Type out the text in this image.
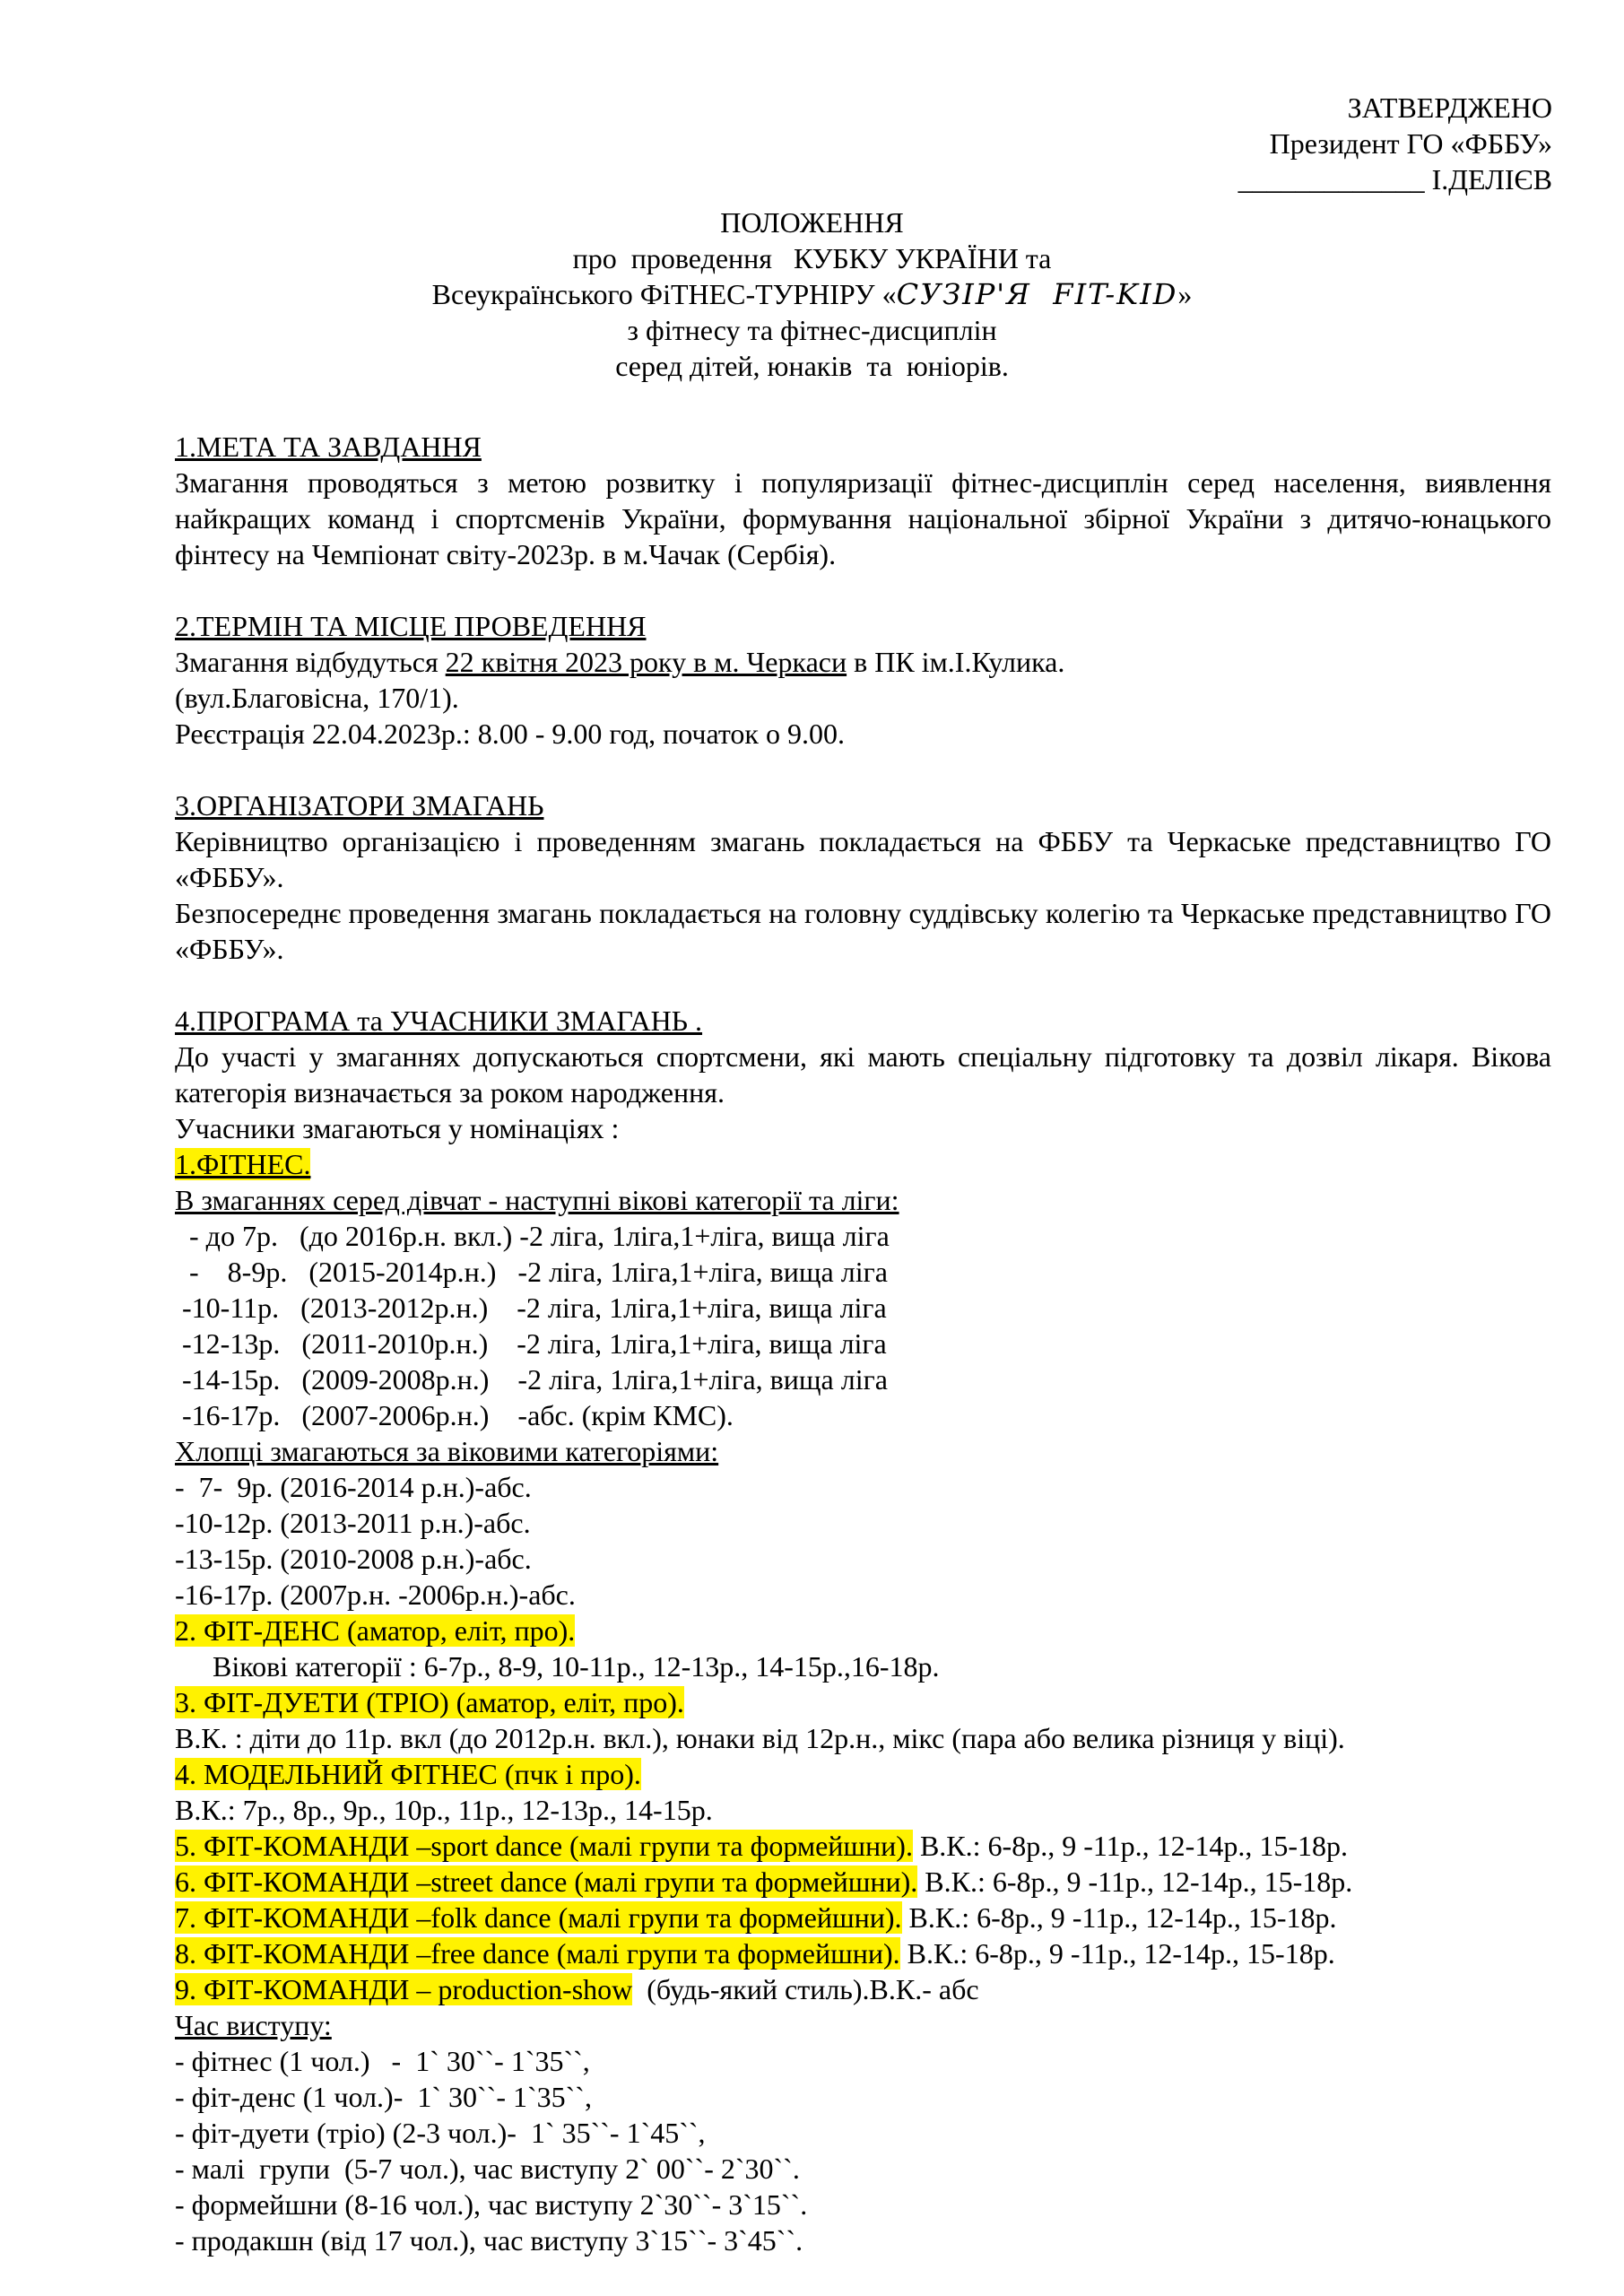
ЗАТВЕРДЖЕНО
Президент ГО «ФББУ»
_____________ І.ДЕЛІЄВ
ПОЛОЖЕННЯ
про  проведення   КУБКУ УКРАЇНИ та
Всеукраїнського ФіТНЕС-ТУРНІРУ «СУЗІР'Я  FIT-KID»
з фітнесу та фітнес-дисциплін
серед дітей, юнаків  та  юніорів.

1.МЕТА ТА ЗАВДАННЯ

Змагання проводяться з метою розвитку і популяризації фітнес-дисциплін серед населення, виявлення найкращих команд і спортсменів України, формування національної збірної України з дитячо-юнацького фінтесу на Чемпіонат світу-2023р. в м.Чачак (Сербія).

2.ТЕРМІН ТА МІСЦЕ ПРОВЕДЕННЯ

Змагання відбудуться 22 квітня 2023 року в м. Черкаси в ПК ім.І.Кулика.

(вул.Благовісна, 170/1).

Реєстрація 22.04.2023р.: 8.00 - 9.00 год, початок о 9.00.

3.ОРГАНІЗАТОРИ ЗМАГАНЬ

Керівництво організацією і проведенням змагань покладається на ФББУ та Черкаське представництво ГО «ФББУ».

Безпосереднє проведення змагань покладається на головну суддівську колегію та Черкаське представництво ГО «ФББУ».

4.ПРОГРАМА та УЧАСНИКИ ЗМАГАНЬ .

До участі у змаганнях допускаються спортсмени, які мають спеціальну підготовку та дозвіл лікаря. Вікова категорія визначається за роком народження.

Учасники змагаються у номінаціях :

1.ФІТНЕС.

В змаганнях серед дівчат - наступні вікові категорії та ліги:

- до 7р.   (до 2016р.н. вкл.) -2 ліга, 1ліга,1+ліга, вища ліга

-    8-9р.   (2015-2014р.н.)   -2 ліга, 1ліга,1+ліга, вища ліга

-10-11р.   (2013-2012р.н.)    -2 ліга, 1ліга,1+ліга, вища ліга

-12-13р.   (2011-2010р.н.)    -2 ліга, 1ліга,1+ліга, вища ліга

-14-15р.   (2009-2008р.н.)    -2 ліга, 1ліга,1+ліга, вища ліга

-16-17р.   (2007-2006р.н.)    -абс. (крім КМС).

Хлопці змагаються за віковими категоріями:

-  7-  9р. (2016-2014 р.н.)-абс.

-10-12р. (2013-2011 р.н.)-абс.

-13-15р. (2010-2008 р.н.)-абс.

-16-17р. (2007р.н. -2006р.н.)-абс.

2. ФІТ-ДЕНС (аматор, еліт, про).

Вікові категорії : 6-7р., 8-9, 10-11р., 12-13р., 14-15р.,16-18р.

3. ФІТ-ДУЕТИ (ТРІО) (аматор, еліт, про).

В.К. : діти до 11р. вкл (до 2012р.н. вкл.), юнаки від 12р.н., мікс (пара або велика різниця у віці).

4. МОДЕЛЬНИЙ ФІТНЕС (пчк і про).

В.К.: 7р., 8р., 9р., 10р., 11р., 12-13р., 14-15р.

5. ФІТ-КОМАНДИ –sport dance (малі групи та формейшни). В.К.: 6-8р., 9 -11р., 12-14р., 15-18р.

6. ФІТ-КОМАНДИ –street dance (малі групи та формейшни). В.К.: 6-8р., 9 -11р., 12-14р., 15-18р.

7. ФІТ-КОМАНДИ –folk dance (малі групи та формейшни). В.К.: 6-8р., 9 -11р., 12-14р., 15-18р.

8. ФІТ-КОМАНДИ –free dance (малі групи та формейшни). В.К.: 6-8р., 9 -11р., 12-14р., 15-18р.

9. ФІТ-КОМАНДИ – production-show  (будь-який стиль).В.К.- абс

Час виступу:

- фітнес (1 чол.)   -  1` 30``- 1`35``,

- фіт-денс (1 чол.)-  1` 30``- 1`35``,

- фіт-дуети (тріо) (2-3 чол.)-  1` 35``- 1`45``,

- малі  групи  (5-7 чол.), час виступу 2` 00``- 2`30``.

- формейшни (8-16 чол.), час виступу 2`30``- 3`15``.

- продакшн (від 17 чол.), час виступу 3`15``- 3`45``.
